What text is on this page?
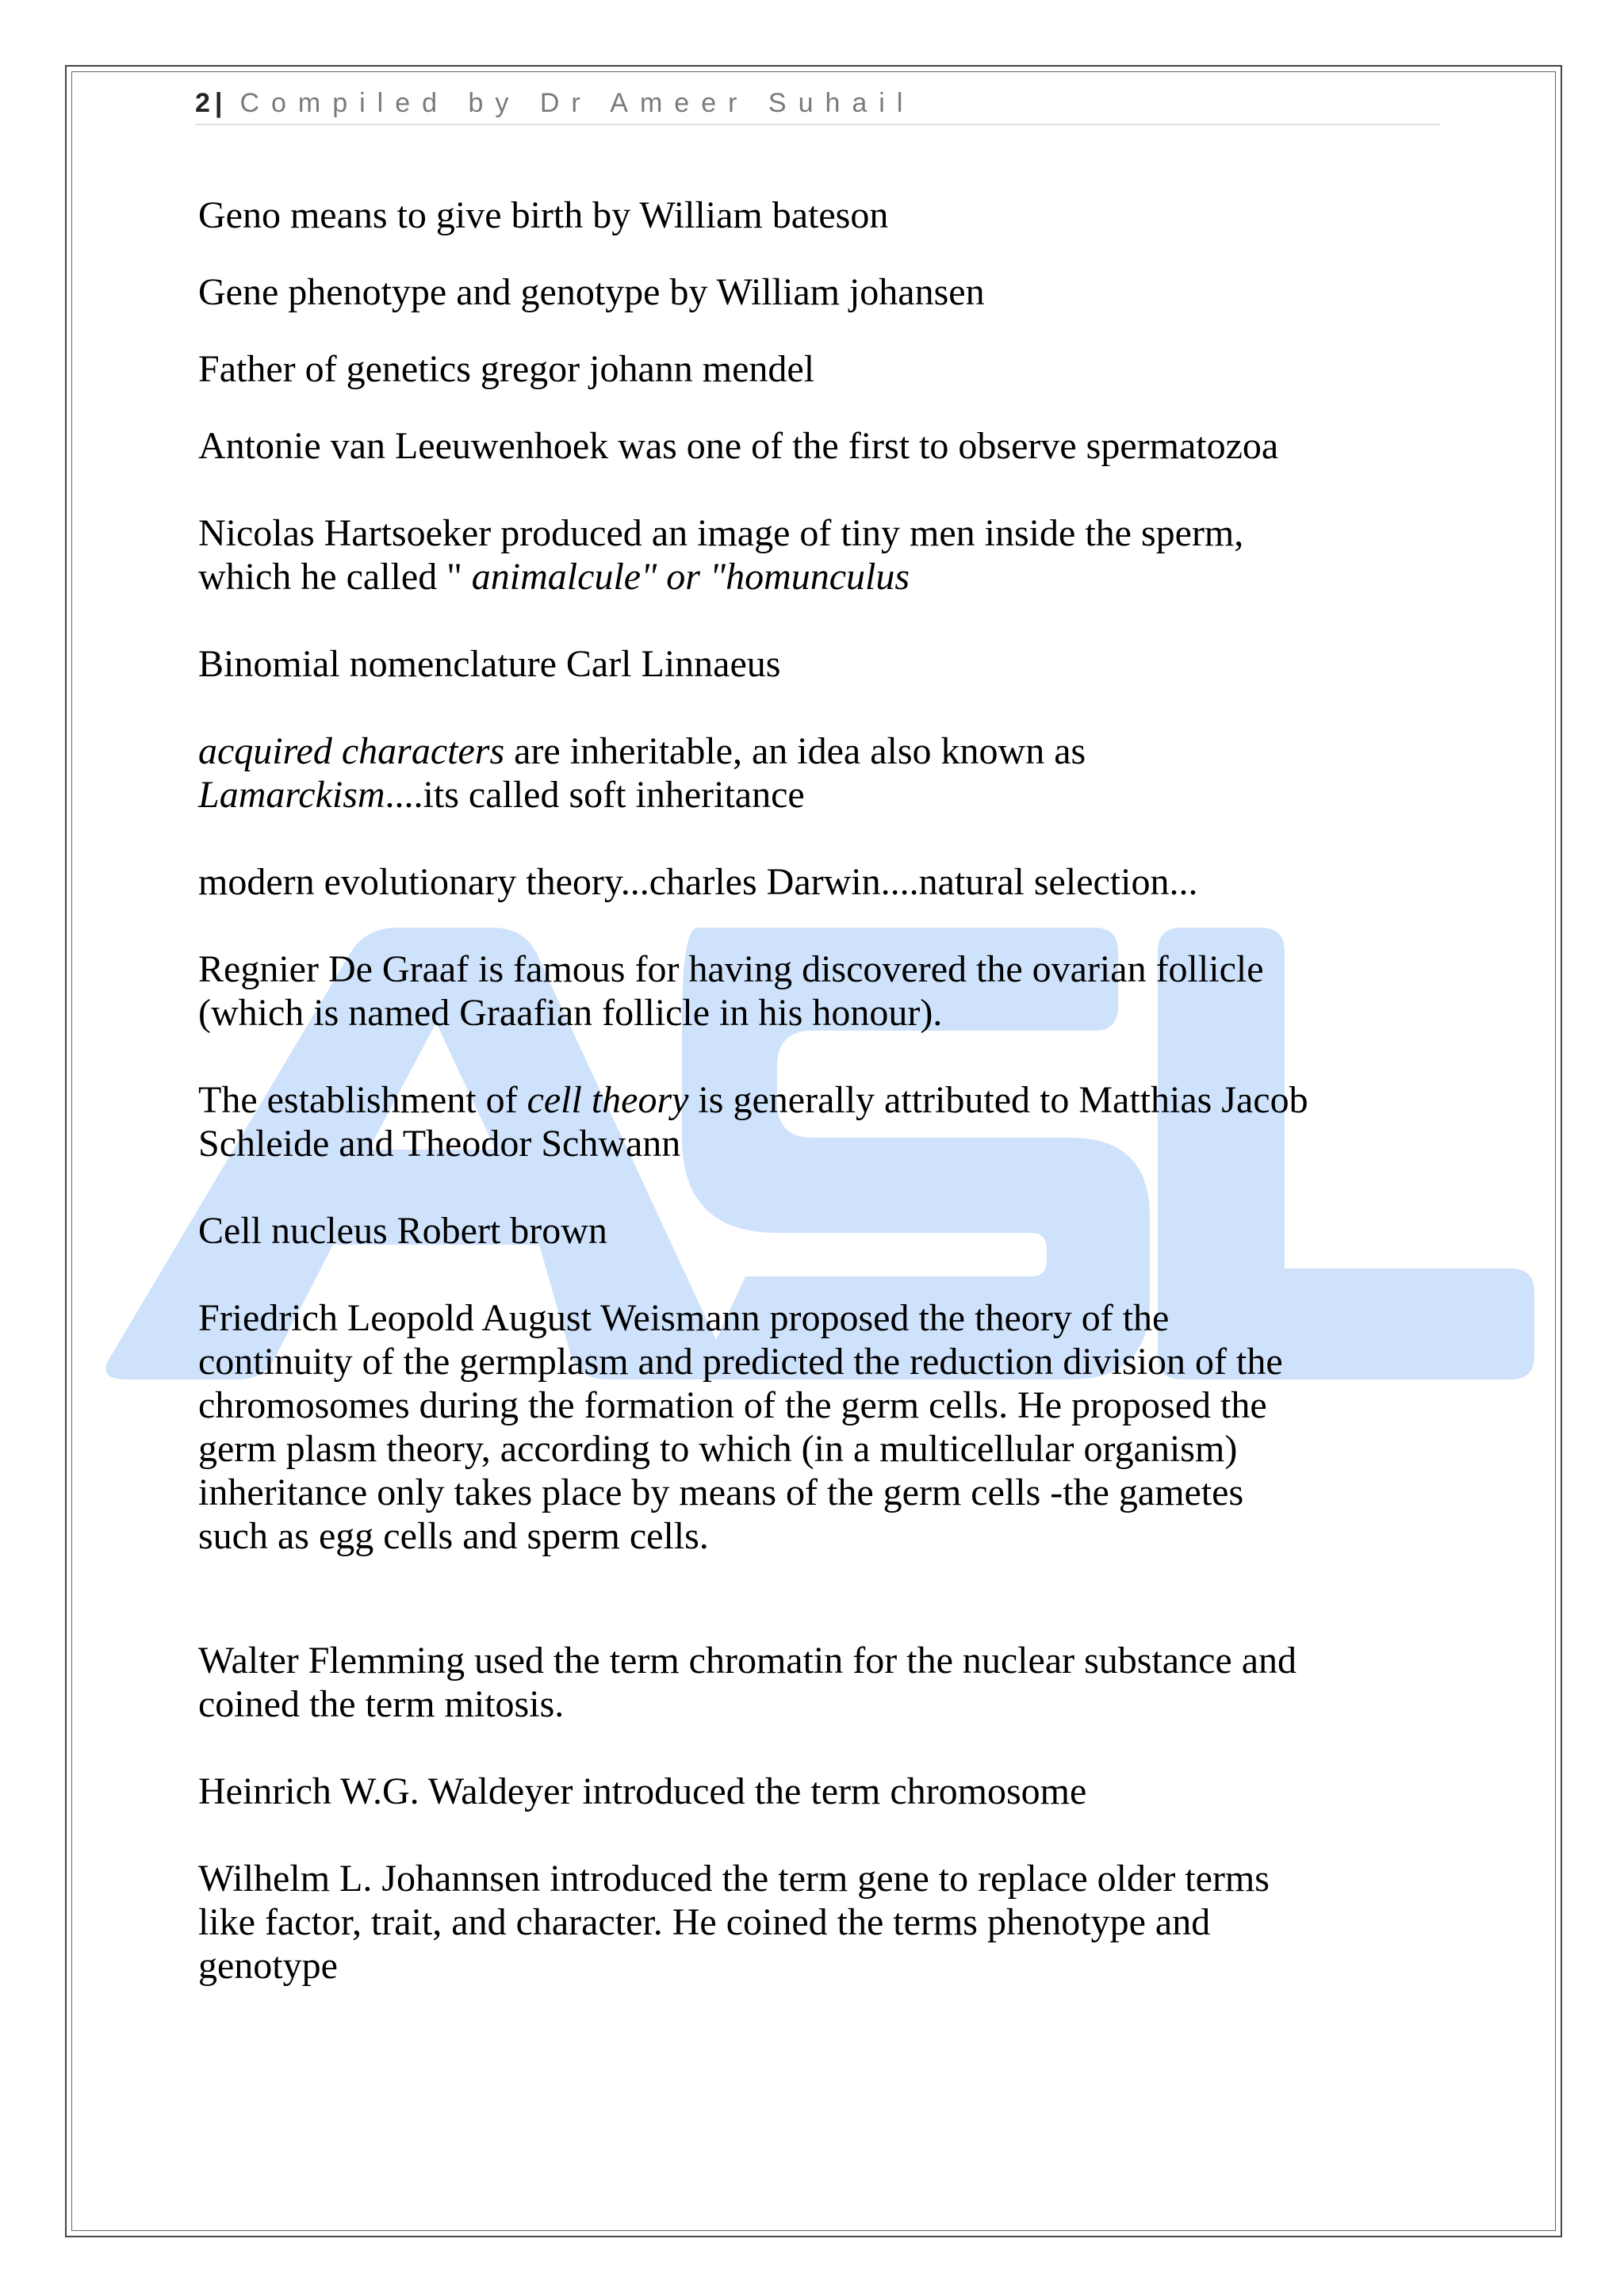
2| Compiled by Dr Ameer Suhail

Geno means to give birth by William bateson

Gene phenotype and genotype by William johansen

Father of genetics gregor johann mendel

Antonie van Leeuwenhoek was one of the first to observe spermatozoa

Nicolas Hartsoeker produced an image of tiny men inside the sperm,
which he called " animalcule" or "homunculus

Binomial nomenclature Carl Linnaeus

acquired characters are inheritable, an idea also known as
Lamarckism....its called soft inheritance

modern evolutionary theory...charles Darwin....natural selection...

Regnier De Graaf is famous for having discovered the ovarian follicle
(which is named Graafian follicle in his honour).

The establishment of cell theory is generally attributed to Matthias Jacob
Schleide and Theodor Schwann

Cell nucleus Robert brown

Friedrich Leopold August Weismann proposed the theory of the
continuity of the germplasm and predicted the reduction division of the
chromosomes during the formation of the germ cells. He proposed the
germ plasm theory, according to which (in a multicellular organism)
inheritance only takes place by means of the germ cells -the gametes
such as egg cells and sperm cells.

Walter Flemming used the term chromatin for the nuclear substance and
coined the term mitosis.

Heinrich W.G. Waldeyer introduced the term chromosome

Wilhelm L. Johannsen introduced the term gene to replace older terms
like factor, trait, and character. He coined the terms phenotype and
genotype
